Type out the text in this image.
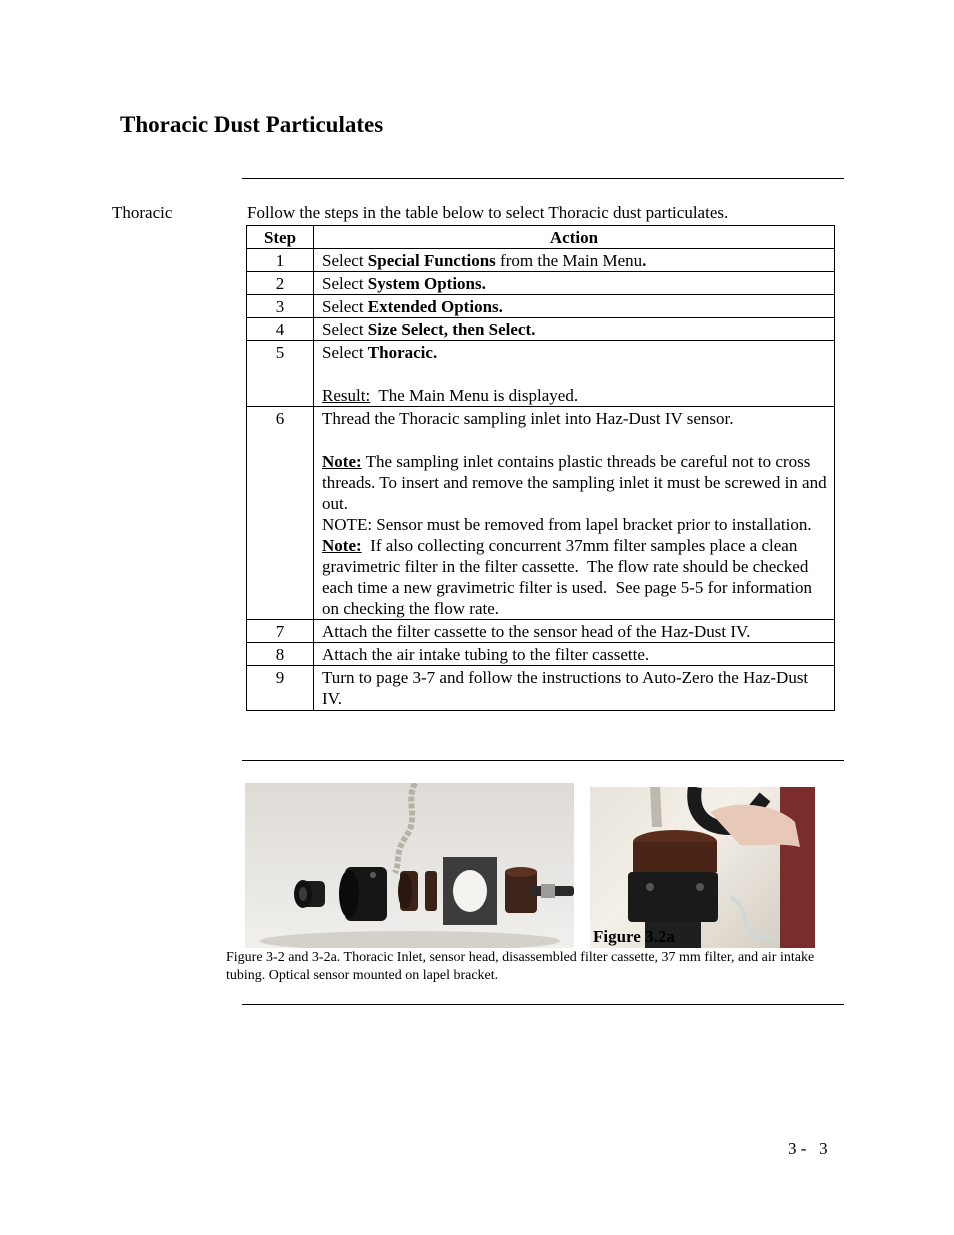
Thoracic Dust Particulates
Thoracic	Follow the steps in the table below to select Thoracic dust particulates.
Step	Action
1	Select Special Functions from the Main Menu.
2	Select System Options.
3	Select Extended Options.
4	Select Size Select, then Select.
5	Select Thoracic.
Result:  The Main Menu is displayed.

6	Thread the Thoracic sampling inlet into Haz-Dust IV sensor.
Note: The sampling inlet contains plastic threads be careful not to cross threads. To insert and remove the sampling inlet it must be screwed in and out.
NOTE: Sensor must be removed from lapel bracket prior to installation.
Note:  If also collecting concurrent 37mm filter samples place a clean gravimetric filter in the filter cassette.  The flow rate should be checked each time a new gravimetric filter is used.  See page 5-5 for information on checking the flow rate.

7	Attach the filter cassette to the sensor head of the Haz-Dust IV.
8	Attach the air intake tubing to the filter cassette.
9	Turn to page 3-7 and follow the instructions to Auto-Zero the Haz-Dust IV.
Figure 3.2a
Figure 3-2 and 3-2a. Thoracic Inlet, sensor head, disassembled filter cassette, 37 mm filter, and air intake tubing. Optical sensor mounted on lapel bracket.
3 -   3
